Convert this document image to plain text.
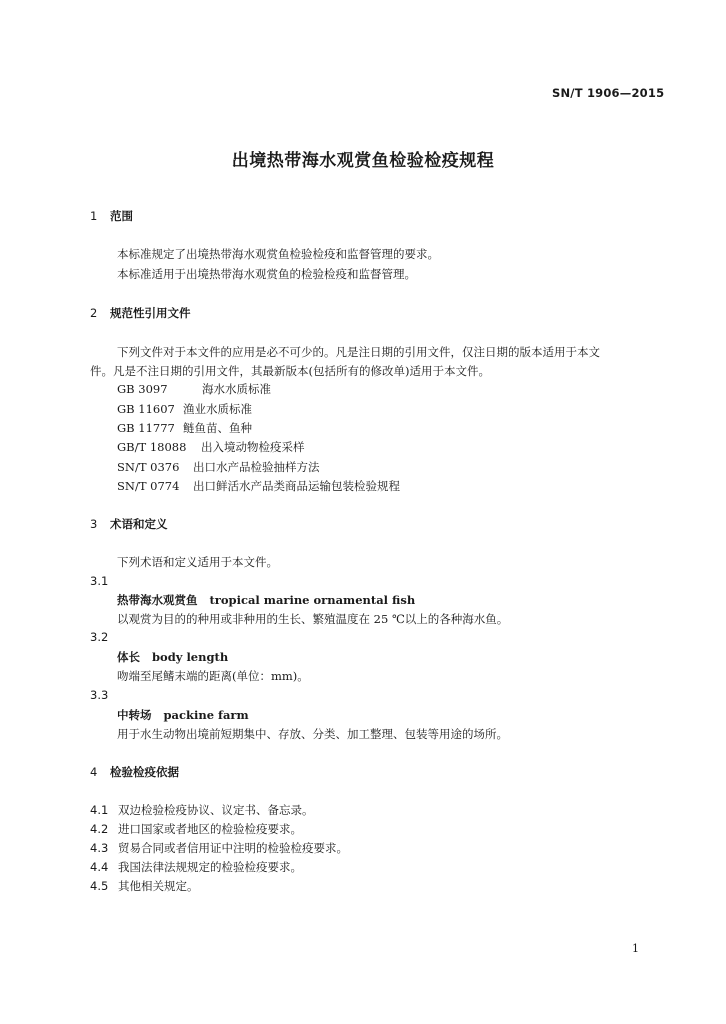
SN/T 1906—2015
出境热带海水观赏鱼检验检疫规程
1 范围
本标准规定了出境热带海水观赏鱼检验检疫和监督管理的要求。
本标准适用于出境热带海水观赏鱼的检验检疫和监督管理。
2 规范性引用文件
下列文件对于本文件的应用是必不可少的。凡是注日期的引用文件，仅注日期的版本适用于本文
件。凡是不注日期的引用文件，其最新版本(包括所有的修改单)适用于本文件。
GB 3097	海水水质标准
GB 11607 渔业水质标准
GB 11777 鲢鱼苗、鱼种
GB/T 18088 出入境动物检疫采样
SN/T 0376 出口水产品检验抽样方法
SN/T 0774 出口鲜活水产品类商品运输包装检验规程
3 术语和定义
下列术语和定义适用于本文件。
3.1
热带海水观赏鱼 tropical marine ornamental fish
以观赏为目的的种用或非种用的生长、繁殖温度在 25 ℃以上的各种海水鱼。
3.2
体长 body length
吻端至尾鳍末端的距离(单位：mm)。
3.3
中转场 packine farm
用于水生动物出境前短期集中、存放、分类、加工整理、包装等用途的场所。
4 检验检疫依据
4.1 双边检验检疫协议、议定书、备忘录。
4.2 进口国家或者地区的检验检疫要求。
4.3 贸易合同或者信用证中注明的检验检疫要求。
4.4 我国法律法规规定的检验检疫要求。
4.5 其他相关规定。
1
